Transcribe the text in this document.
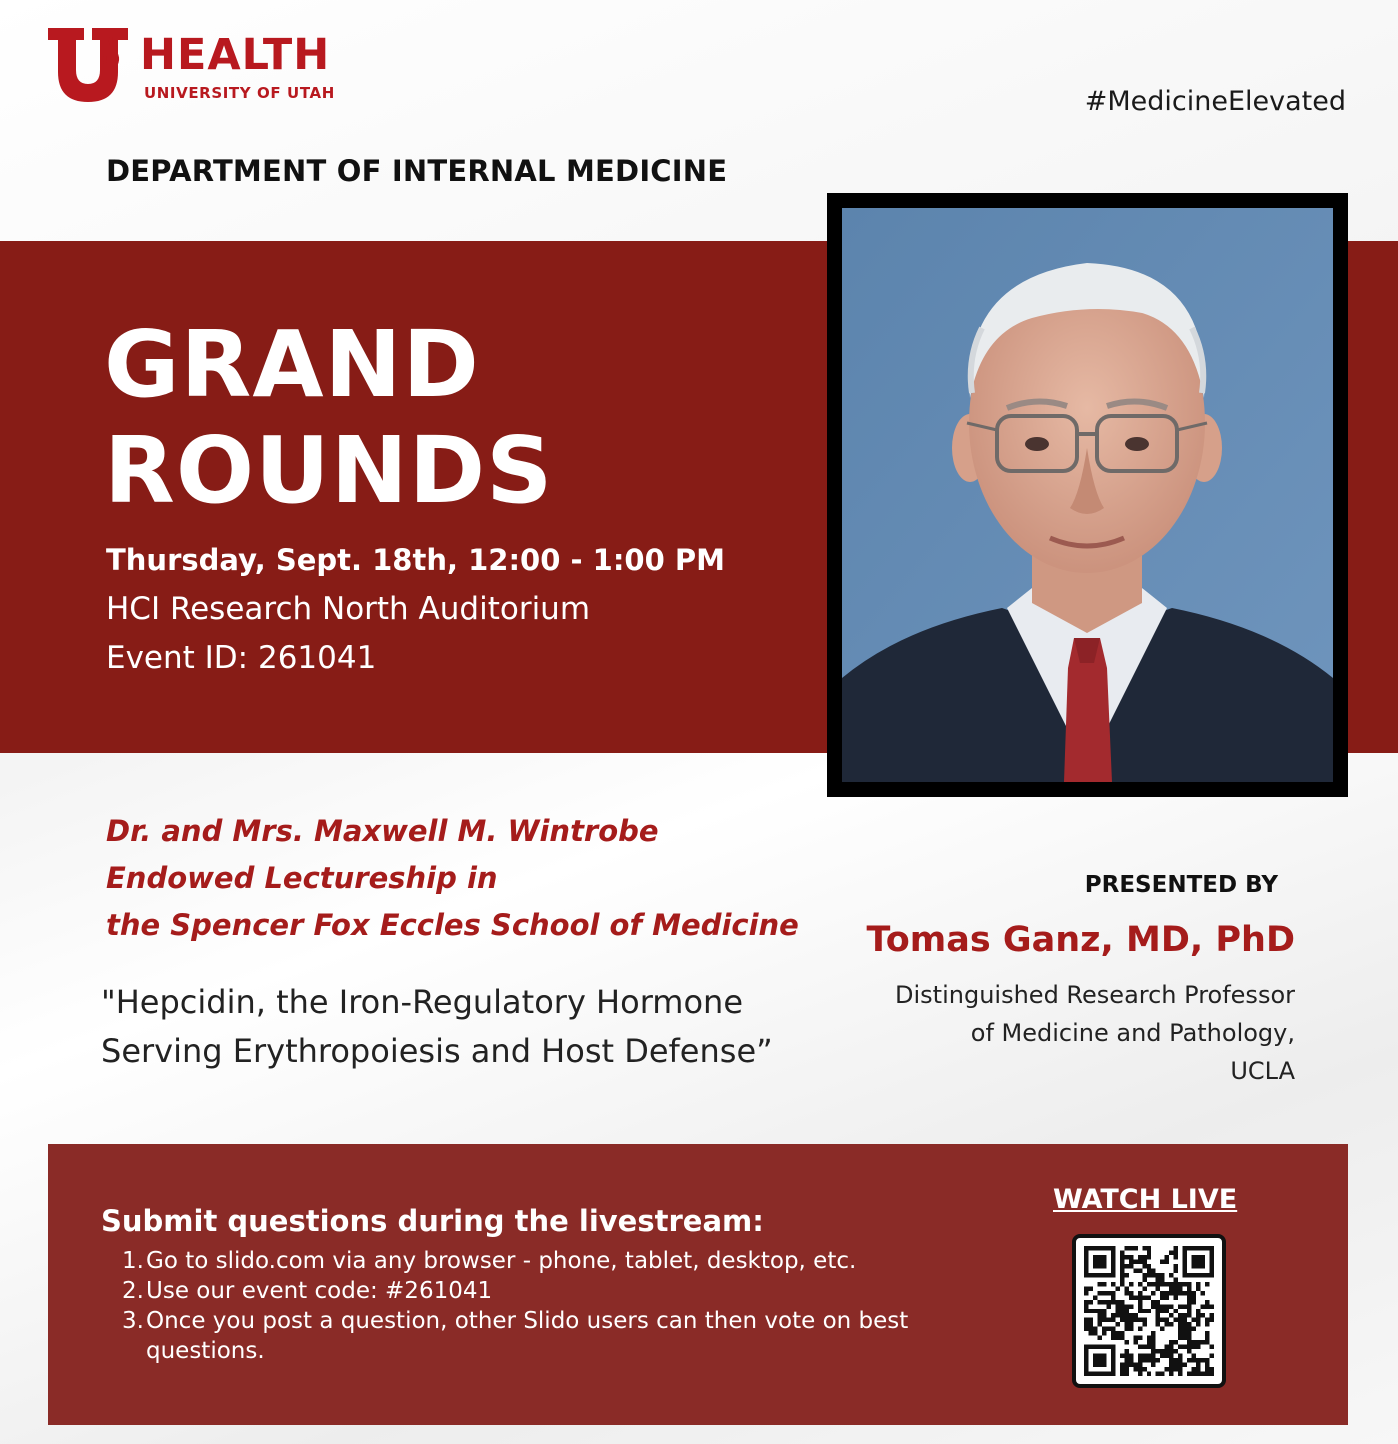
HEALTH
UNIVERSITY OF UTAH	#MedicineElevated
DEPARTMENT OF INTERNAL MEDICINE
GRAND
ROUNDS
Thursday, Sept. 18th, 12:00 - 1:00 PM
HCI Research North Auditorium
Event ID: 261041
Dr. and Mrs. Maxwell M. Wintrobe
Endowed Lectureship in
the Spencer Fox Eccles School of Medicine
"Hepcidin, the Iron-Regulatory Hormone
Serving Erythropoiesis and Host Defense”
PRESENTED BY
Tomas Ganz, MD, PhD
Distinguished Research Professor
of Medicine and Pathology,
UCLA
Submit questions during the livestream:
1. Go to slido.com via any browser - phone, tablet, desktop, etc.
2. Use our event code: #261041
3. Once you post a question, other Slido users can then vote on best questions.
WATCH LIVE
